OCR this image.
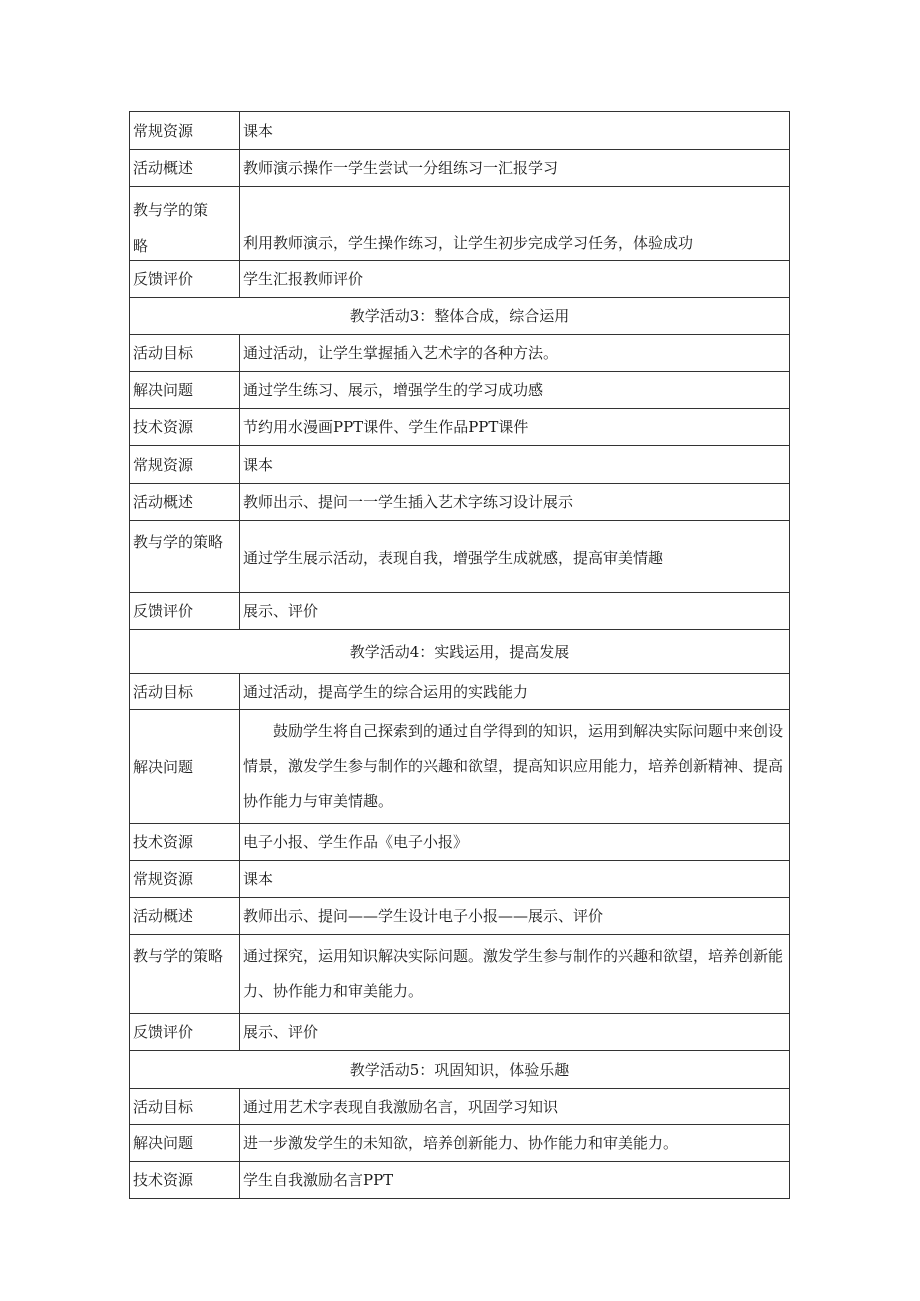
常规资源	课本
活动概述	教师演示操作一学生尝试一分组练习一汇报学习

教与学的策
略	利用教师演示，学生操作练习，让学生初步完成学习任务，体验成功
反馈评价	学生汇报教师评价
教学活动3：整体合成，综合运用	
活动目标	通过活动，让学生掌握插入艺术字的各种方法。
解决问题	通过学生练习、展示，增强学生的学习成功感
技术资源	节约用水漫画PPT课件、学生作品PPT课件
常规资源	课本
活动概述	教师出示、提问一一学生插入艺术字练习设计展示
教与学的策略	通过学生展示活动，表现自我，增强学生成就感，提高审美情趣
反馈评价	展示、评价
教学活动4：实践运用，提高发展	
活动目标	通过活动，提高学生的综合运用的实践能力
解决问题	鼓励学生将自己探索到的通过自学得到的知识，运用到解决实际问题中来创设情景，激发学生参与制作的兴趣和欲望，提高知识应用能力，培养创新精神、提高协作能力与审美情趣。
技术资源	电子小报、学生作品《电子小报》
常规资源	课本
活动概述	教师出示、提问——学生设计电子小报——展示、评价
教与学的策略	通过探究，运用知识解决实际问题。激发学生参与制作的兴趣和欲望，培养创新能力、协作能力和审美能力。
反馈评价	展示、评价
教学活动5：巩固知识，体验乐趣	
活动目标	通过用艺术字表现自我激励名言，巩固学习知识
解决问题	进一步激发学生的未知欲，培养创新能力、协作能力和审美能力。
技术资源	学生自我激励名言PPT
